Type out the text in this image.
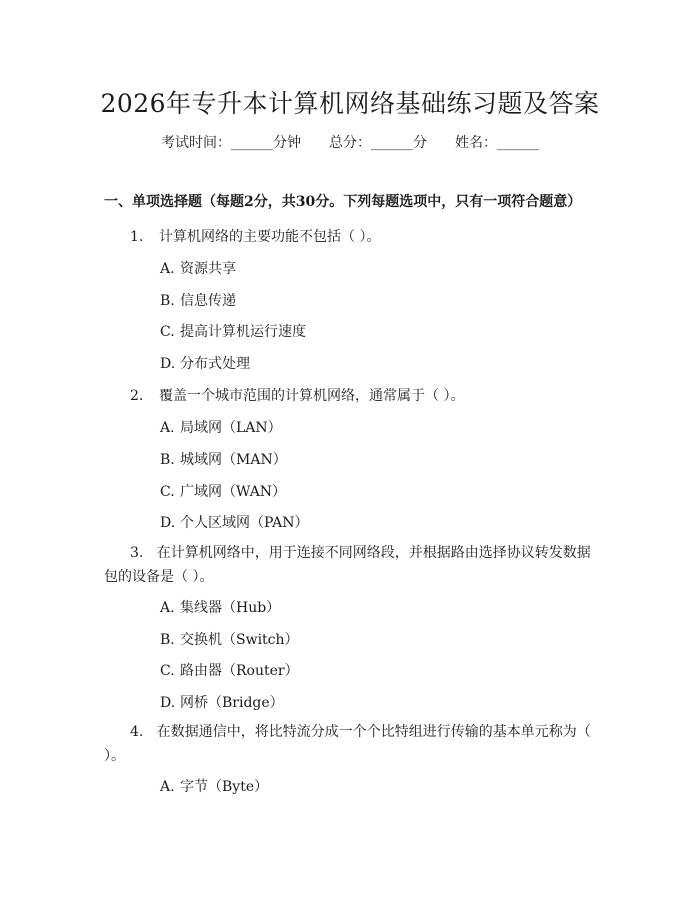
2026年专升本计算机网络基础练习题及答案
考试时间：______分钟 总分：______分 姓名：______
一、单项选择题（每题2分，共30分。下列每题选项中，只有一项符合题意）
1. 计算机网络的主要功能不包括（ ）。
A. 资源共享
B. 信息传递
C. 提高计算机运行速度
D. 分布式处理
2. 覆盖一个城市范围的计算机网络，通常属于（ ）。
A. 局域网（LAN）
B. 城域网（MAN）
C. 广域网（WAN）
D. 个人区域网（PAN）
3. 在计算机网络中，用于连接不同网络段，并根据路由选择协议转发数据包的设备是（ ）。
A. 集线器（Hub）
B. 交换机（Switch）
C. 路由器（Router）
D. 网桥（Bridge）
4. 在数据通信中，将比特流分成一个个比特组进行传输的基本单元称为（ ）。
A. 字节（Byte）
